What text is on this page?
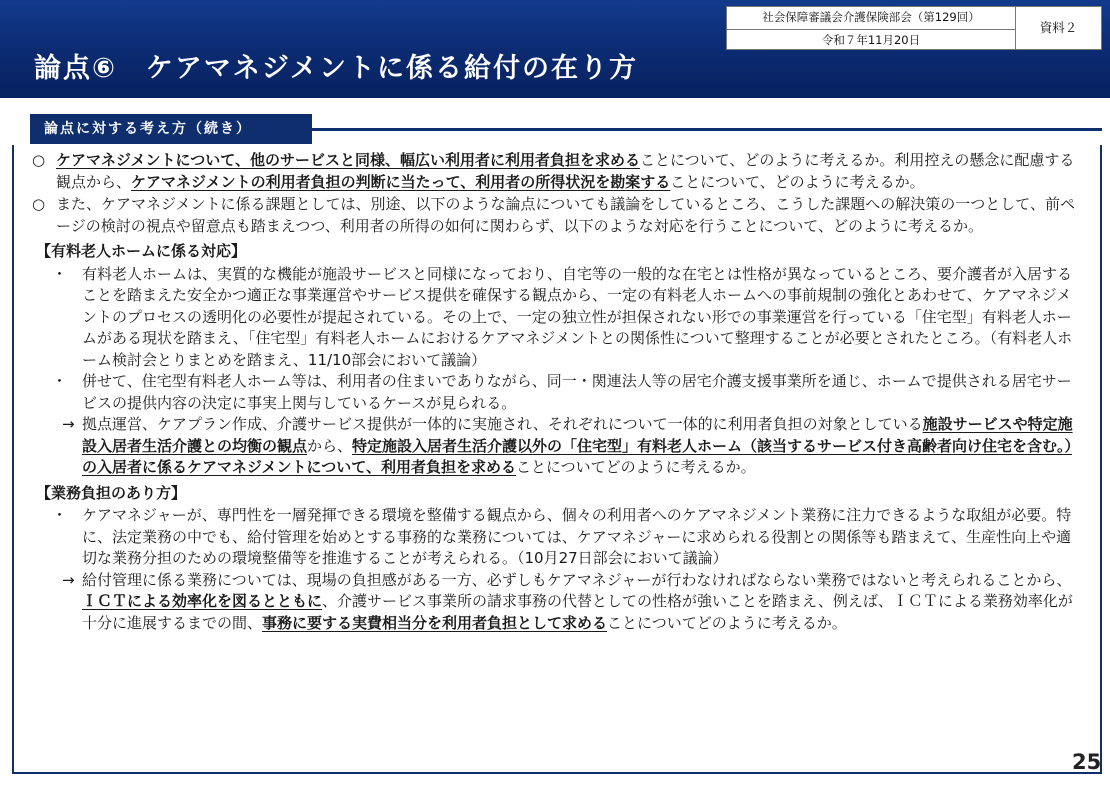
論点⑥　ケアマネジメントに係る給付の在り方
社会保障審議会介護保険部会（第129回）
令和７年11月20日
資料２
論点に対する考え方（続き）
○ ケアマネジメントについて、他のサービスと同様、幅広い利用者に利用者負担を求めることについて、どのように考えるか。利用控えの懸念に配慮する観点から、ケアマネジメントの利用者負担の判断に当たって、利用者の所得状況を勘案することについて、どのように考えるか。
○ また、ケアマネジメントに係る課題としては、別途、以下のような論点についても議論をしているところ、こうした課題への解決策の一つとして、前ページの検討の視点や留意点も踏まえつつ、利用者の所得の如何に関わらず、以下のような対応を行うことについて、どのように考えるか。
【有料老人ホームに係る対応】
・ 有料老人ホームは、実質的な機能が施設サービスと同様になっており、自宅等の一般的な在宅とは性格が異なっているところ、要介護者が入居することを踏まえた安全かつ適正な事業運営やサービス提供を確保する観点から、一定の有料老人ホームへの事前規制の強化とあわせて、ケアマネジメントのプロセスの透明化の必要性が提起されている。その上で、一定の独立性が担保されない形での事業運営を行っている「住宅型」有料老人ホームがある現状を踏まえ、「住宅型」有料老人ホームにおけるケアマネジメントとの関係性について整理することが必要とされたところ。（有料老人ホーム検討会とりまとめを踏まえ、11/10部会において議論）
・ 併せて、住宅型有料老人ホーム等は、利用者の住まいでありながら、同一・関連法人等の居宅介護支援事業所を通じ、ホームで提供される居宅サービスの提供内容の決定に事実上関与しているケースが見られる。
→ 拠点運営、ケアプラン作成、介護サービス提供が一体的に実施され、それぞれについて一体的に利用者負担の対象としている施設サービスや特定施設入居者生活介護との均衡の観点から、特定施設入居者生活介護以外の「住宅型」有料老人ホーム（該当するサービス付き高齢者向け住宅を含む。）の入居者に係るケアマネジメントについて、利用者負担を求めることについてどのように考えるか。
【業務負担のあり方】
・ ケアマネジャーが、専門性を一層発揮できる環境を整備する観点から、個々の利用者へのケアマネジメント業務に注力できるような取組が必要。特に、法定業務の中でも、給付管理を始めとする事務的な業務については、ケアマネジャーに求められる役割との関係等も踏まえて、生産性向上や適切な業務分担のための環境整備等を推進することが考えられる。（10月27日部会において議論）
→ 給付管理に係る業務については、現場の負担感がある一方、必ずしもケアマネジャーが行わなければならない業務ではないと考えられることから、ＩＣＴによる効率化を図るとともに、介護サービス事業所の請求事務の代替としての性格が強いことを踏まえ、例えば、ＩＣＴによる業務効率化が十分に進展するまでの間、事務に要する実費相当分を利用者負担として求めることについてどのように考えるか。
25
